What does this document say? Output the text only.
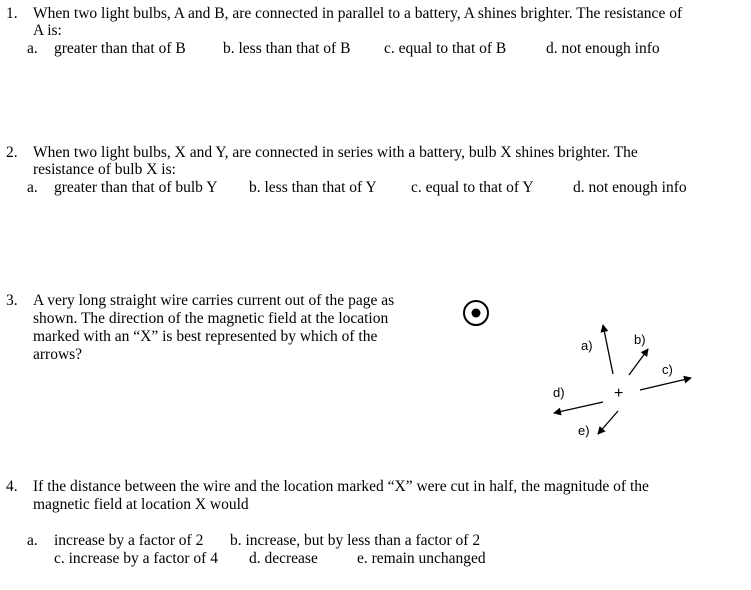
1. When two light bulbs, A and B, are connected in parallel to a battery, A shines brighter. The resistance of
A is:
a. greater than that of B b. less than that of B c. equal to that of B	d. not enough info
2. When two light bulbs, X and Y, are connected in series with a battery, bulb X shines brighter. The
resistance of bulb X is:
a. greater than that of bulb Y b. less than that of Y c. equal to that of Y	d. not enough info
3. A very long straight wire carries current out of the page as
shown. The direction of the magnetic field at the location
marked with an “X” is best represented by which of the
arrows?
+
a)	b)
c)
d)
e)
4. If the distance between the wire and the location marked “X” were cut in half, the magnitude of the
magnetic field at location X would
a. increase by a factor of 2 b. increase, but by less than a factor of 2
c. increase by a factor of 4 d. decrease	e. remain unchanged
